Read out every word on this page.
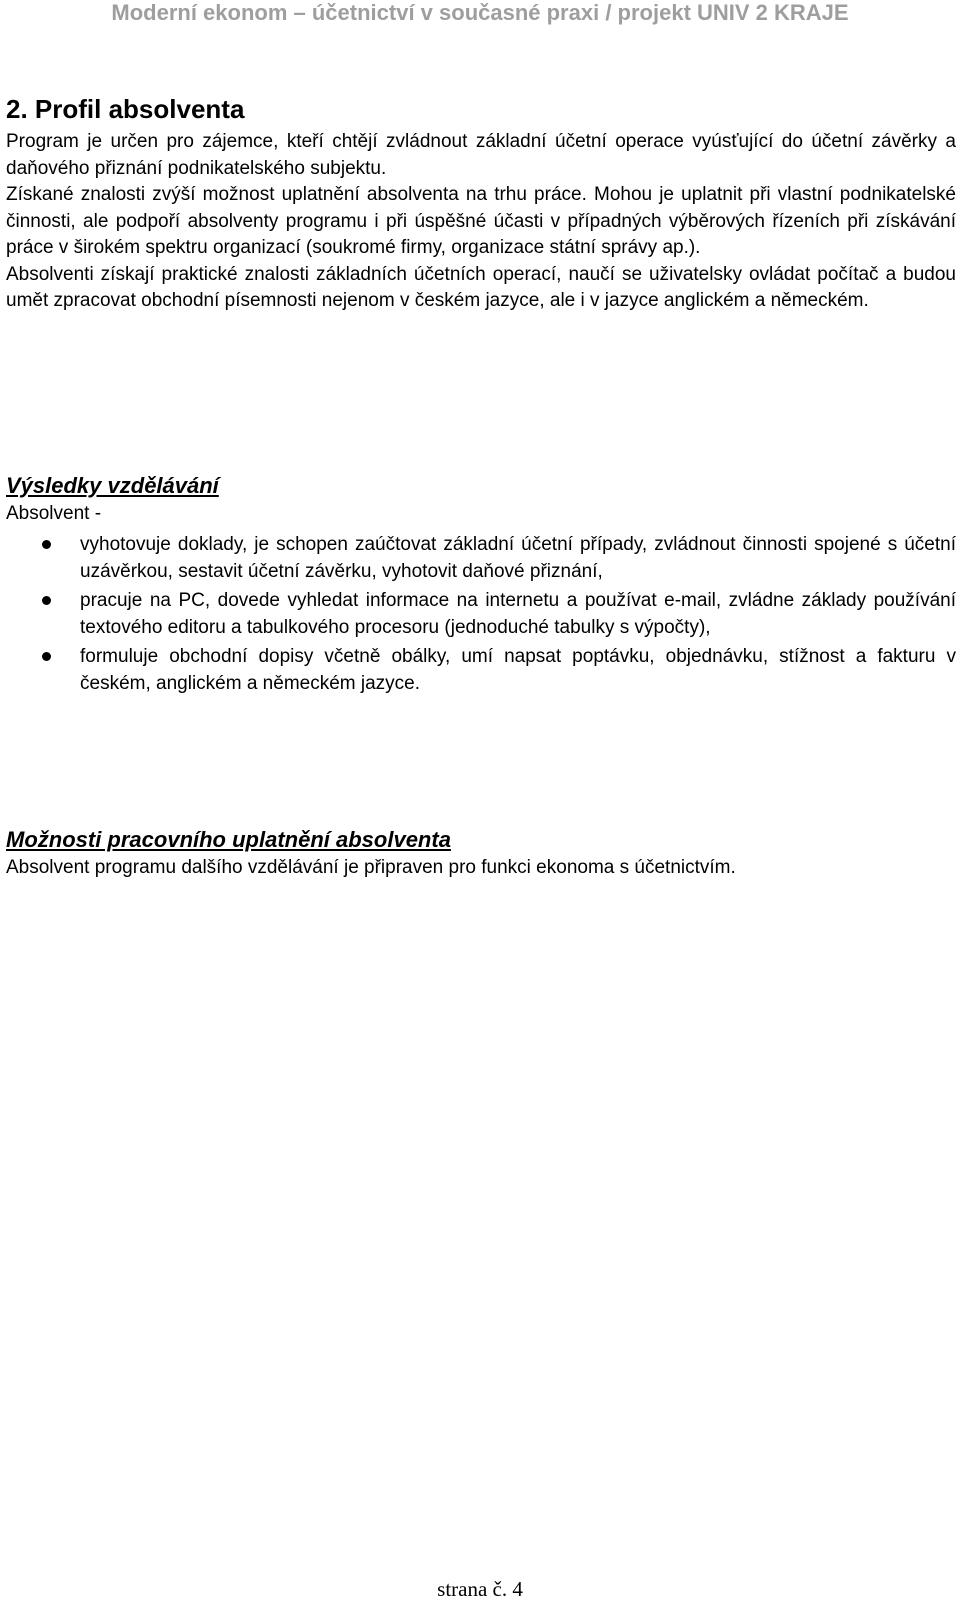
Moderní ekonom – účetnictví v současné praxi / projekt UNIV 2 KRAJE
2. Profil absolventa

Program je určen pro zájemce, kteří chtějí zvládnout základní účetní operace vyúsťující do účetní závěrky a daňového přiznání podnikatelského subjektu.

Získané znalosti zvýší možnost uplatnění absolventa na trhu práce. Mohou je uplatnit při vlastní podnikatelské činnosti, ale podpoří absolventy programu i při úspěšné účasti v případných výběrových řízeních při získávání práce v širokém spektru organizací (soukromé firmy, organizace státní správy ap.).

Absolventi získají praktické znalosti základních účetních operací, naučí se uživatelsky ovládat počítač a budou umět zpracovat obchodní písemnosti nejenom v českém jazyce, ale i v jazyce anglickém a německém.

Výsledky vzdělávání

Absolvent -

vyhotovuje doklady, je schopen zaúčtovat základní účetní případy, zvládnout činnosti spojené s účetní uzávěrkou, sestavit účetní závěrku, vyhotovit daňové přiznání,
pracuje na PC, dovede vyhledat informace na internetu a používat e-mail, zvládne základy používání textového editoru a tabulkového procesoru (jednoduché tabulky s výpočty),
formuluje obchodní dopisy včetně obálky, umí napsat poptávku, objednávku, stížnost a fakturu v českém, anglickém a německém jazyce.
Možnosti pracovního uplatnění absolventa

Absolvent programu dalšího vzdělávání je připraven pro funkci ekonoma s účetnictvím.

strana č. 4
